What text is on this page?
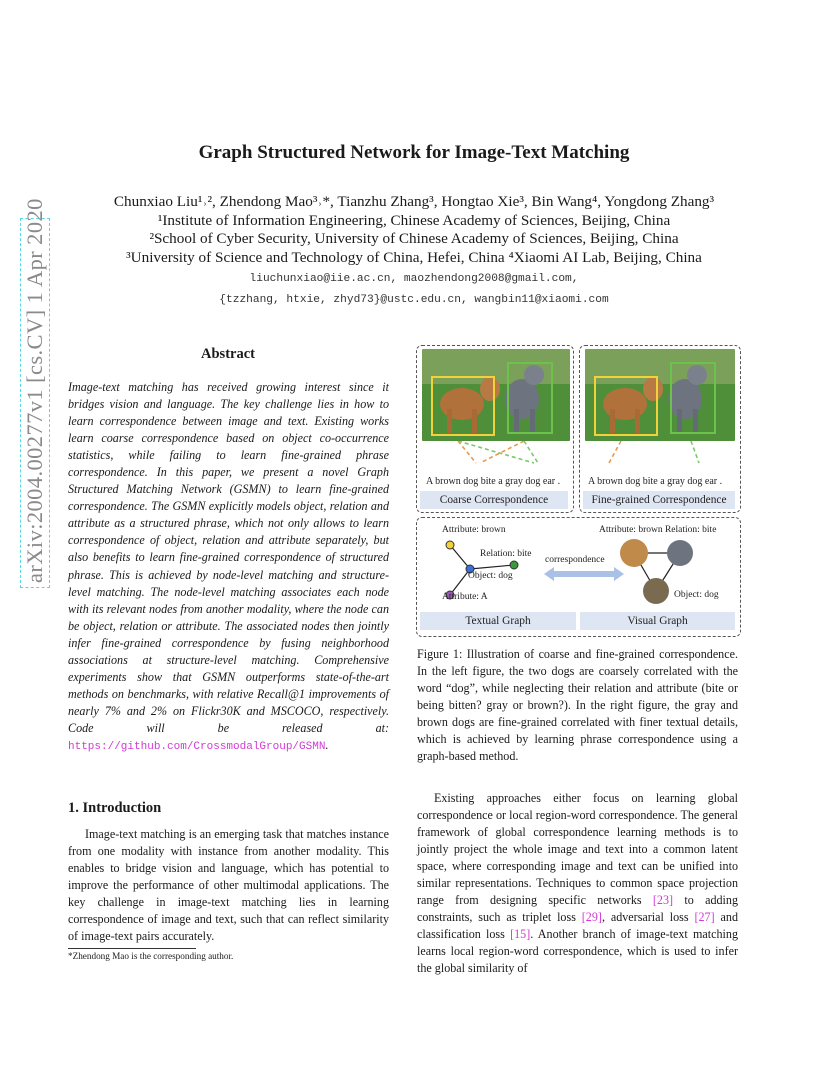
arXiv:2004.00277v1 [cs.CV] 1 Apr 2020
Graph Structured Network for Image-Text Matching
Chunxiao Liu¹˒², Zhendong Mao³˒*, Tianzhu Zhang³, Hongtao Xie³, Bin Wang⁴, Yongdong Zhang³
¹Institute of Information Engineering, Chinese Academy of Sciences, Beijing, China
²School of Cyber Security, University of Chinese Academy of Sciences, Beijing, China
³University of Science and Technology of China, Hefei, China ⁴Xiaomi AI Lab, Beijing, China
liuchunxiao@iie.ac.cn, maozhendong2008@gmail.com,
{tzzhang, htxie, zhyd73}@ustc.edu.cn, wangbin11@xiaomi.com
Abstract
Image-text matching has received growing interest since it bridges vision and language. The key challenge lies in how to learn correspondence between image and text. Existing works learn coarse correspondence based on object co-occurrence statistics, while failing to learn fine-grained phrase correspondence. In this paper, we present a novel Graph Structured Matching Network (GSMN) to learn fine-grained correspondence. The GSMN explicitly models object, relation and attribute as a structured phrase, which not only allows to learn correspondence of object, relation and attribute separately, but also benefits to learn fine-grained correspondence of structured phrase. This is achieved by node-level matching and structure-level matching. The node-level matching associates each node with its relevant nodes from another modality, where the node can be object, relation or attribute. The associated nodes then jointly infer fine-grained correspondence by fusing neighborhood associations at structure-level matching. Comprehensive experiments show that GSMN outperforms state-of-the-art methods on benchmarks, with relative Recall@1 improvements of nearly 7% and 2% on Flickr30K and MSCOCO, respectively. Code will be released at: https://github.com/CrossmodalGroup/GSMN.
1. Introduction

Image-text matching is an emerging task that matches instance from one modality with instance from another modality. This enables to bridge vision and language, which has potential to improve the performance of other multimodal applications. The key challenge in image-text matching lies in learning correspondence of image and text, such that can reflect similarity of image-text pairs accurately.

*Zhendong Mao is the corresponding author.
A brown dog bite a gray dog ear .
Coarse Correspondence
A brown dog bite a gray dog ear .
Fine-grained Correspondence
Attribute: brown
Relation: bite
Object: dog
Attribute: A
correspondence
Attribute: brown Relation: bite
Object: dog
Textual Graph	Visual Graph
Figure 1: Illustration of coarse and fine-grained correspondence. In the left figure, the two dogs are coarsely correlated with the word “dog”, while neglecting their relation and attribute (bite or being bitten? gray or brown?). In the right figure, the gray and brown dogs are fine-grained correlated with finer textual details, which is achieved by learning phrase correspondence using a graph-based method.

Existing approaches either focus on learning global correspondence or local region-word correspondence. The general framework of global correspondence learning methods is to jointly project the whole image and text into a common latent space, where corresponding image and text can be unified into similar representations. Techniques to common space projection range from designing specific networks [23] to adding constraints, such as triplet loss [29], adversarial loss [27] and classification loss [15]. Another branch of image-text matching learns local region-word correspondence, which is used to infer the global similarity of
